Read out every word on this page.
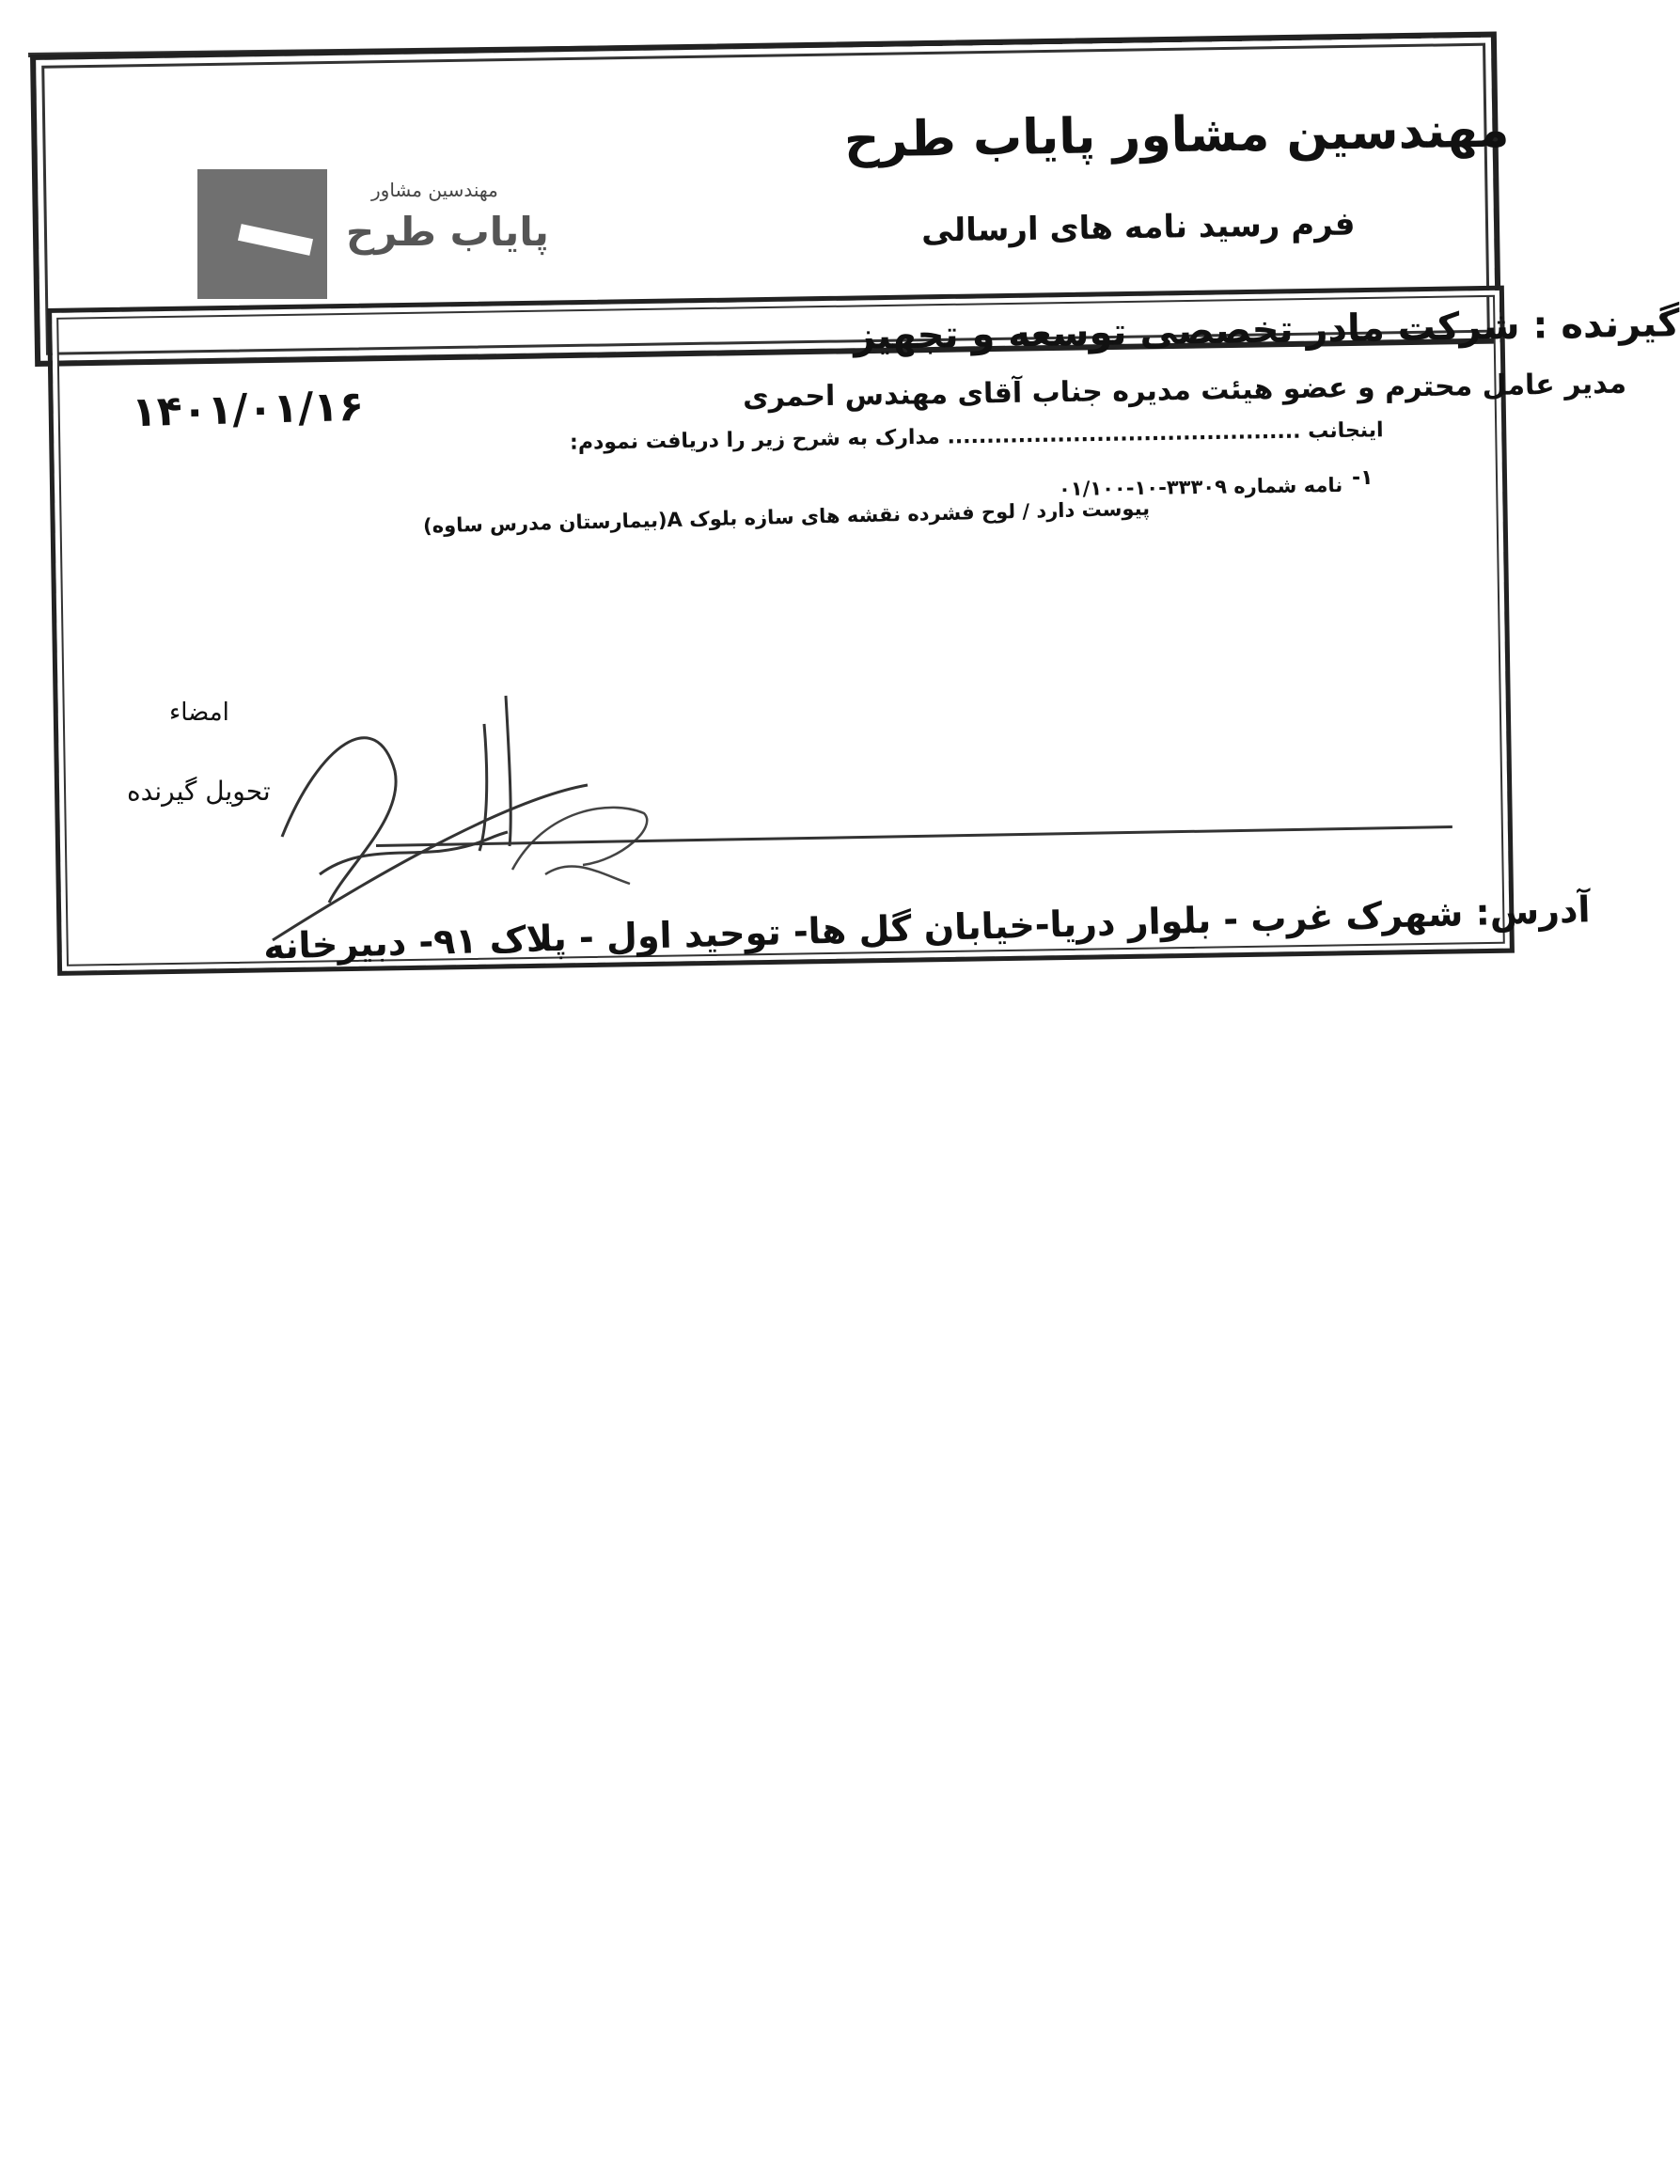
مهندسین مشاور
پایاب طرح
مهندسین مشاور پایاب طرح
فرم رسید نامه های ارسالی
گیرنده : شرکت مادر تخصصی توسعه و تجهیز
مدیر عامل محترم و عضو هیئت مدیره جناب آقای مهندس احمری
۱۴۰۱/۰۱/۱۶
اینجانب ............................................. مدارک به شرح زیر را دریافت نمودم:
۱-
نامه شماره ۳۳۳۰۹-۱۰-۰۱/۱۰۰
پیوست دارد / لوح فشرده نقشه های سازه بلوک A(بیمارستان مدرس ساوه)
امضاء
تحویل گیرنده
آدرس: شهرک غرب - بلوار دریا-خیابان گل ها- توحید اول - پلاک ۹۱- دبیرخانه
